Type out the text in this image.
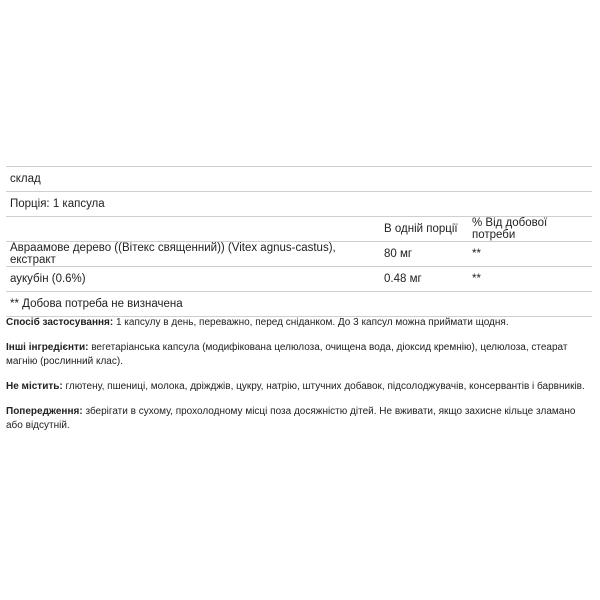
склад		
Порція: 1 капсула		
	В одній порції	% Від добової потреби
Авраамове дерево ((Вітекс священний)) (Vitex agnus-castus), екстракт	80 мг	**
аукубін (0.6%)	0.48 мг	**
** Добова потреба не визначена		

Спосіб застосування: 1 капсулу в день, переважно, перед сніданком. До 3 капсул можна приймати щодня.

Інші інгредієнти: вегетаріанська капсула (модифікована целюлоза, очищена вода, діоксид кремнію), целюлоза, стеарат магнію (рослинний клас).

Не містить: глютену, пшениці, молока, дріжджів, цукру, натрію, штучних добавок, підсолоджувачів, консервантів і барвників.

Попередження: зберігати в сухому, прохолодному місці поза досяжністю дітей. Не вживати, якщо захисне кільце зламано або відсутній.
